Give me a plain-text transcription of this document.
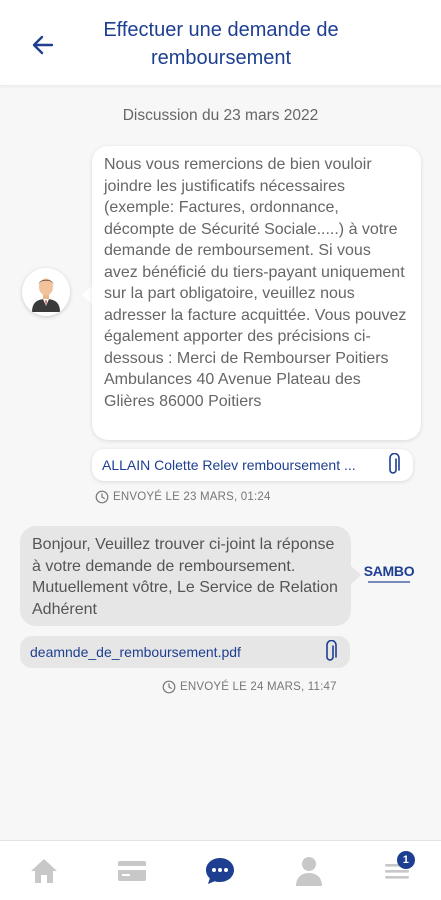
Effectuer une demande de remboursement
Discussion du 23 mars 2022
Nous vous remercions de bien vouloir joindre les justificatifs nécessaires (exemple: Factures, ordonnance, décompte de Sécurité Sociale.....) à votre demande de remboursement. Si vous avez bénéficié du tiers-payant uniquement sur la part obligatoire, veuillez nous adresser la facture acquittée. Vous pouvez également apporter des précisions ci-dessous : Merci de Rembourser Poitiers Ambulances 40 Avenue Plateau des Glières 86000 Poitiers
ALLAIN Colette Relev remboursement ...
ENVOYÉ LE 23 MARS, 01:24
Bonjour, Veuillez trouver ci-joint la réponse à votre demande de remboursement. Mutuellement vôtre, Le Service de Relation Adhérent
SAMBO
deamnde_de_remboursement.pdf
ENVOYÉ LE 24 MARS, 11:47
1
